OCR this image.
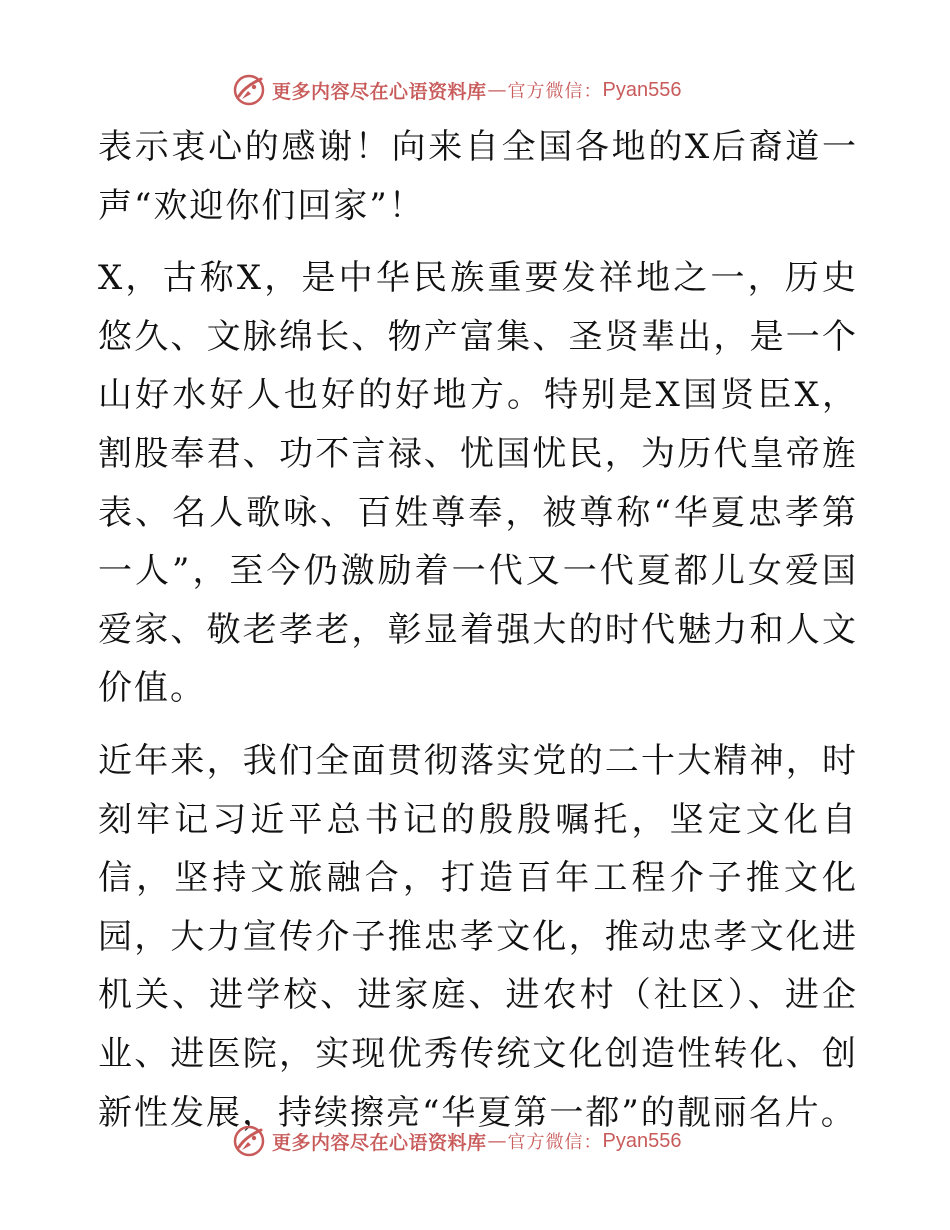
更多内容尽在心语资料库 — 官方微信： Pyan556

表示衷心的感谢！向来自全国各地的X后裔道一声“欢迎你们回家”！

X，古称X，是中华民族重要发祥地之一，历史悠久、文脉绵长、物产富集、圣贤辈出，是一个山好水好人也好的好地方。特别是X国贤臣X，割股奉君、功不言禄、忧国忧民，为历代皇帝旌表、名人歌咏、百姓尊奉，被尊称“华夏忠孝第一人”，至今仍激励着一代又一代夏都儿女爱国爱家、敬老孝老，彰显着强大的时代魅力和人文价值。

近年来，我们全面贯彻落实党的二十大精神，时刻牢记习近平总书记的殷殷嘱托，坚定文化自信，坚持文旅融合，打造百年工程介子推文化园，大力宣传介子推忠孝文化，推动忠孝文化进机关、进学校、进家庭、进农村（社区）、进企业、进医院，实现优秀传统文化创造性转化、创新性发展，持续擦亮“华夏第一都”的靓丽名片。

更多内容尽在心语资料库 — 官方微信： Pyan556
